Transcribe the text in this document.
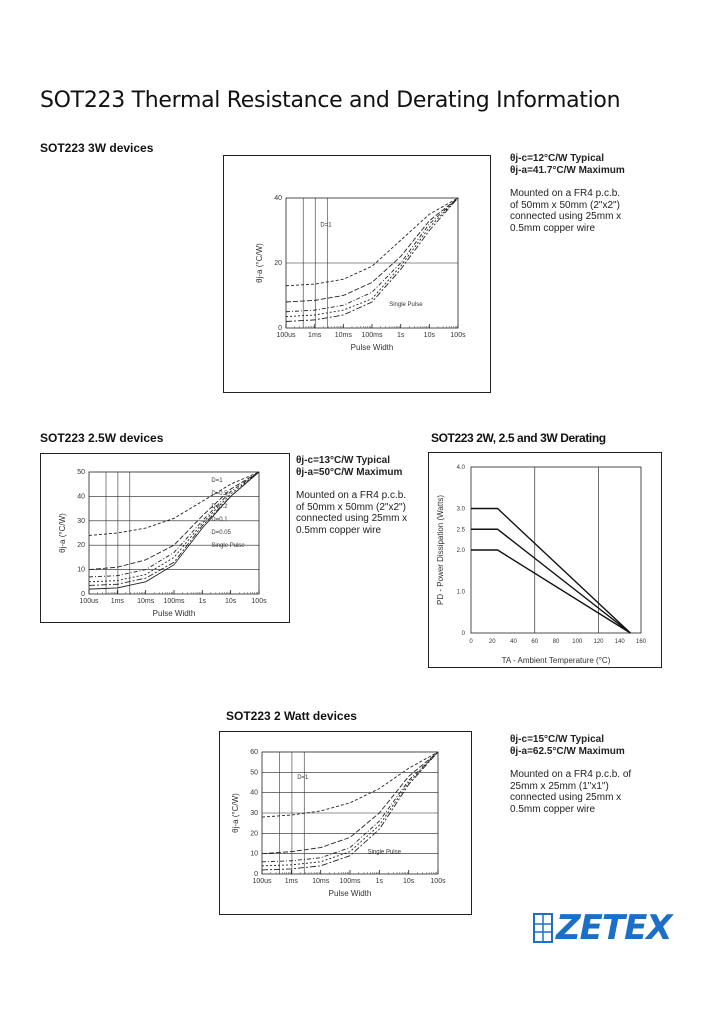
SOT223 Thermal Resistance and Derating Information
SOT223 3W devices
100us 1ms 10ms 100ms 1s	10s 100s
0
20
40
D=1
Single Pulse
Pulse Width
θj-a (°C/W)
θj-c=12°C/W Typical
θj-a=41.7°C/W Maximum
Mounted on a FR4 p.c.b. of 50mm x 50mm (2"x2") connected using 25mm x 0.5mm copper wire
SOT223 2.5W devices
100us 1ms 10ms 100ms 1s	10s 100s
0
10
20
30
40
50
D=1
D=0.5
D=0.2
D=0.1
D=0.05
Single Pulse
Pulse Width
θj-a (°C/W)
θj-c=13°C/W Typical
θj-a=50°C/W Maximum
Mounted on a FR4 p.c.b. of 50mm x 50mm (2"x2") connected using 25mm x 0.5mm copper wire
SOT223 2W, 2.5 and 3W Derating
0	20 40 60 80 100 120 140 160
0
1.0
2.0
2.5
3.0
4.0
TA - Ambient Temperature (°C)
PD - Power Dissipation (Watts)
SOT223 2 Watt devices
100us 1ms 10ms 100ms 1s	10s 100s
0
10
20
30
40
50
60
D=1
Single Pulse
Pulse Width
θj-a (°C/W)
θj-c=15°C/W Typical
θj-a=62.5°C/W Maximum
Mounted on a FR4 p.c.b. of 25mm x 25mm (1"x1") connected using 25mm x 0.5mm copper wire
ZETEX
